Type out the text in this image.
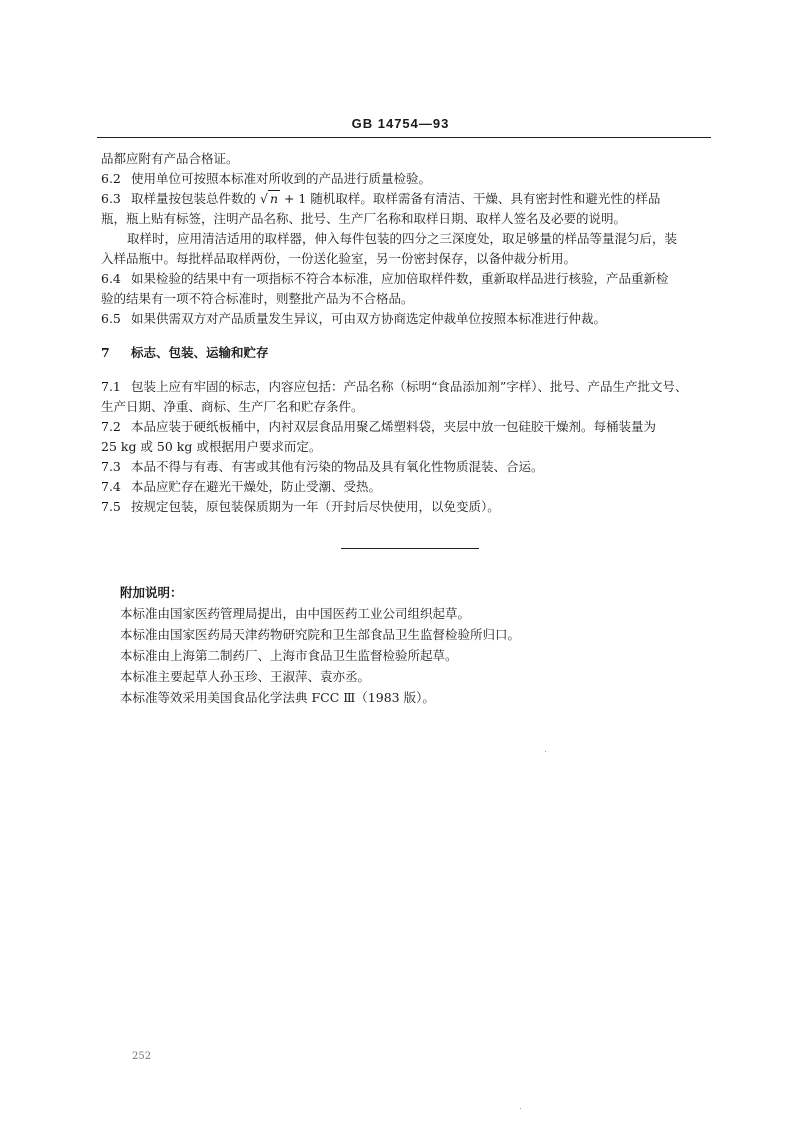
GB 14754—93
品都应附有产品合格证。
6.2 使用单位可按照本标准对所收到的产品进行质量检验。
6.3 取样量按包装总件数的 √ n + 1 随机取样。取样需备有清洁、干燥、具有密封性和避光性的样品
瓶，瓶上贴有标签，注明产品名称、批号、生产厂名称和取样日期、取样人签名及必要的说明。
取样时，应用清洁适用的取样器，伸入每件包装的四分之三深度处，取足够量的样品等量混匀后，装
入样品瓶中。每批样品取样两份，一份送化验室，另一份密封保存，以备仲裁分析用。
6.4 如果检验的结果中有一项指标不符合本标准，应加倍取样件数，重新取样品进行核验，产品重新检
验的结果有一项不符合标准时，则整批产品为不合格品。
6.5 如果供需双方对产品质量发生异议，可由双方协商选定仲裁单位按照本标准进行仲裁。
7 标志、包装、运输和贮存
7.1 包装上应有牢固的标志，内容应包括：产品名称（标明“食品添加剂”字样）、批号、产品生产批文号、
生产日期、净重、商标、生产厂名和贮存条件。
7.2 本品应装于硬纸板桶中，内衬双层食品用聚乙烯塑料袋，夹层中放一包硅胶干燥剂。每桶装量为
25 kg 或 50 kg 或根据用户要求而定。
7.3 本品不得与有毒、有害或其他有污染的物品及具有氧化性物质混装、合运。
7.4 本品应贮存在避光干燥处，防止受潮、受热。
7.5 按规定包装，原包装保质期为一年（开封后尽快使用，以免变质）。
附加说明：
本标准由国家医药管理局提出，由中国医药工业公司组织起草。
本标准由国家医药局天津药物研究院和卫生部食品卫生监督检验所归口。
本标准由上海第二制药厂、上海市食品卫生监督检验所起草。
本标准主要起草人孙玉珍、王淑萍、袁亦丞。
本标准等效采用美国食品化学法典 FCC Ⅲ（1983 版）。
252
